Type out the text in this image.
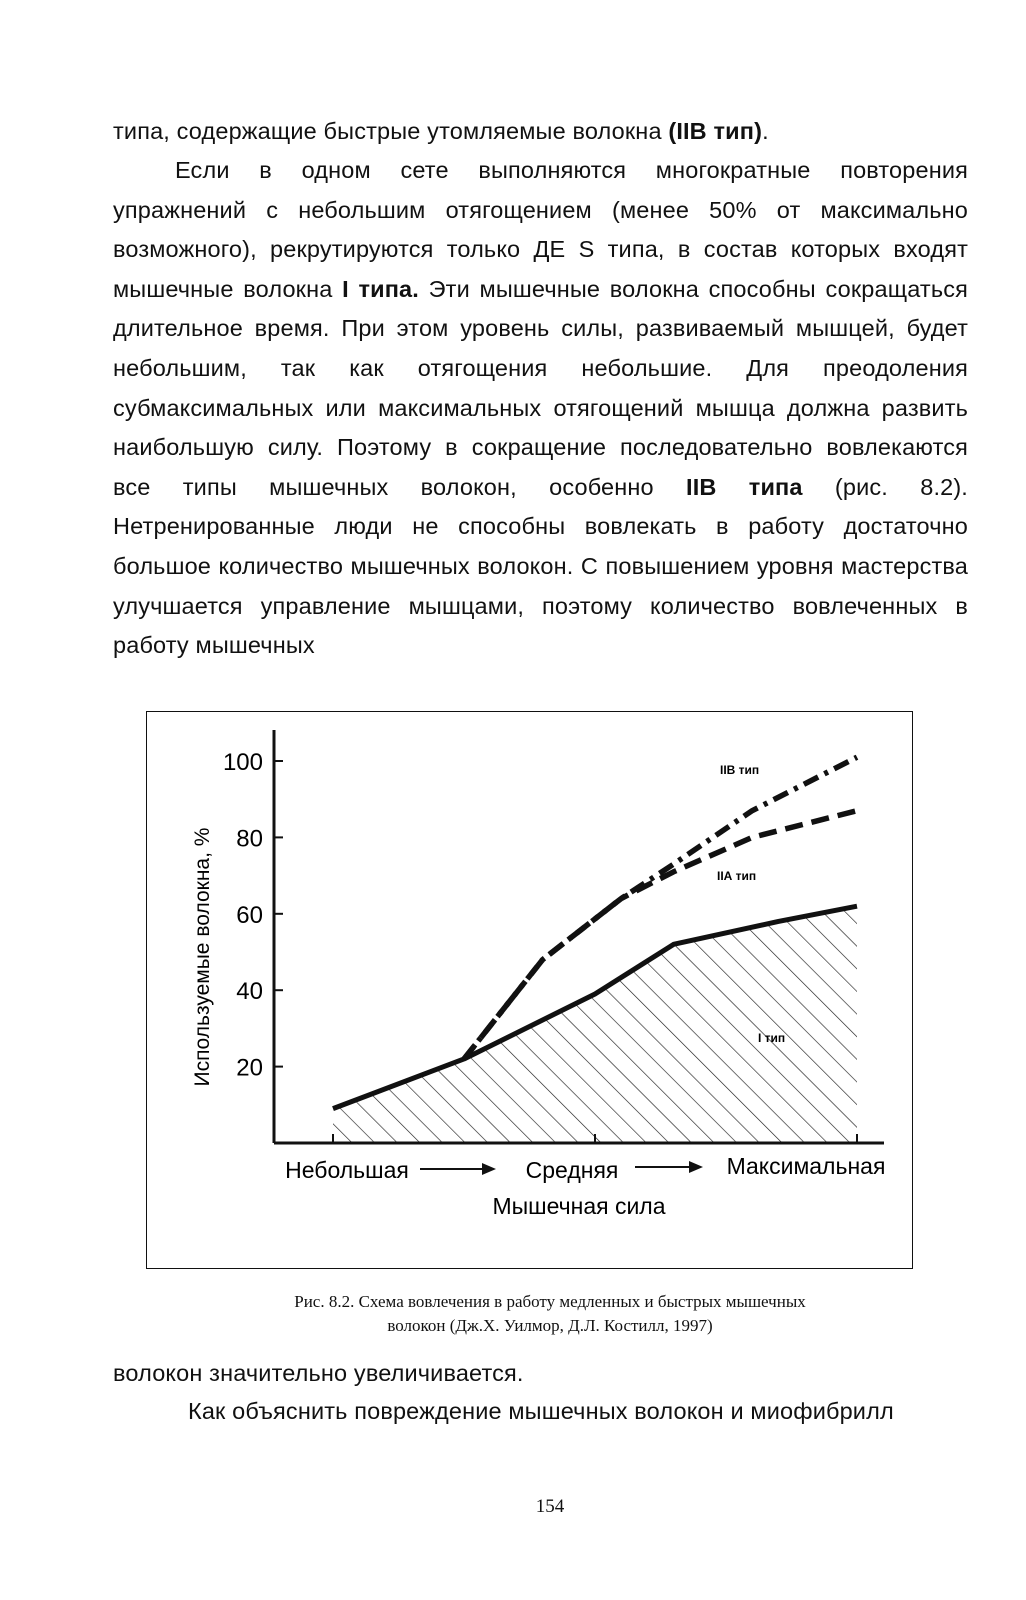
типа, содержащие быстрые утомляемые волокна (IIВ тип).

Если в одном сете выполняются многократные повторения упражнений с небольшим отягощением (менее 50% от максимально возможного), рекрутируются только ДЕ S типа, в состав которых входят мышечные волокна I типа. Эти мышечные волокна способны сокращаться длительное время. При этом уровень силы, развиваемый мышцей, будет небольшим, так как отягощения небольшие. Для преодоления субмаксимальных или максимальных отягощений мышца должна развить наибольшую силу. Поэтому в сокращение последовательно вовлекаются все типы мышечных волокон, особенно IIВ типа (рис. 8.2). Нетренированные люди не способны вовлекать в работу достаточно большое количество мышечных волокон. С повышением уровня мастерства улучшается управление мышцами, поэтому количество вовлеченных в работу мышечных

20
40
60
80
100
Используемые волокна, %
Небольшая	Средняя	Максимальная
Мышечная сила
I тип
IIА тип
IIВ тип
Рис. 8.2. Схема вовлечения в работу медленных и быстрых мышечных
волокон (Дж.Х. Уилмор, Д.Л. Костилл, 1997)

волокон значительно увеличивается.

Как объяснить повреждение мышечных волокон и миофибрилл

154
